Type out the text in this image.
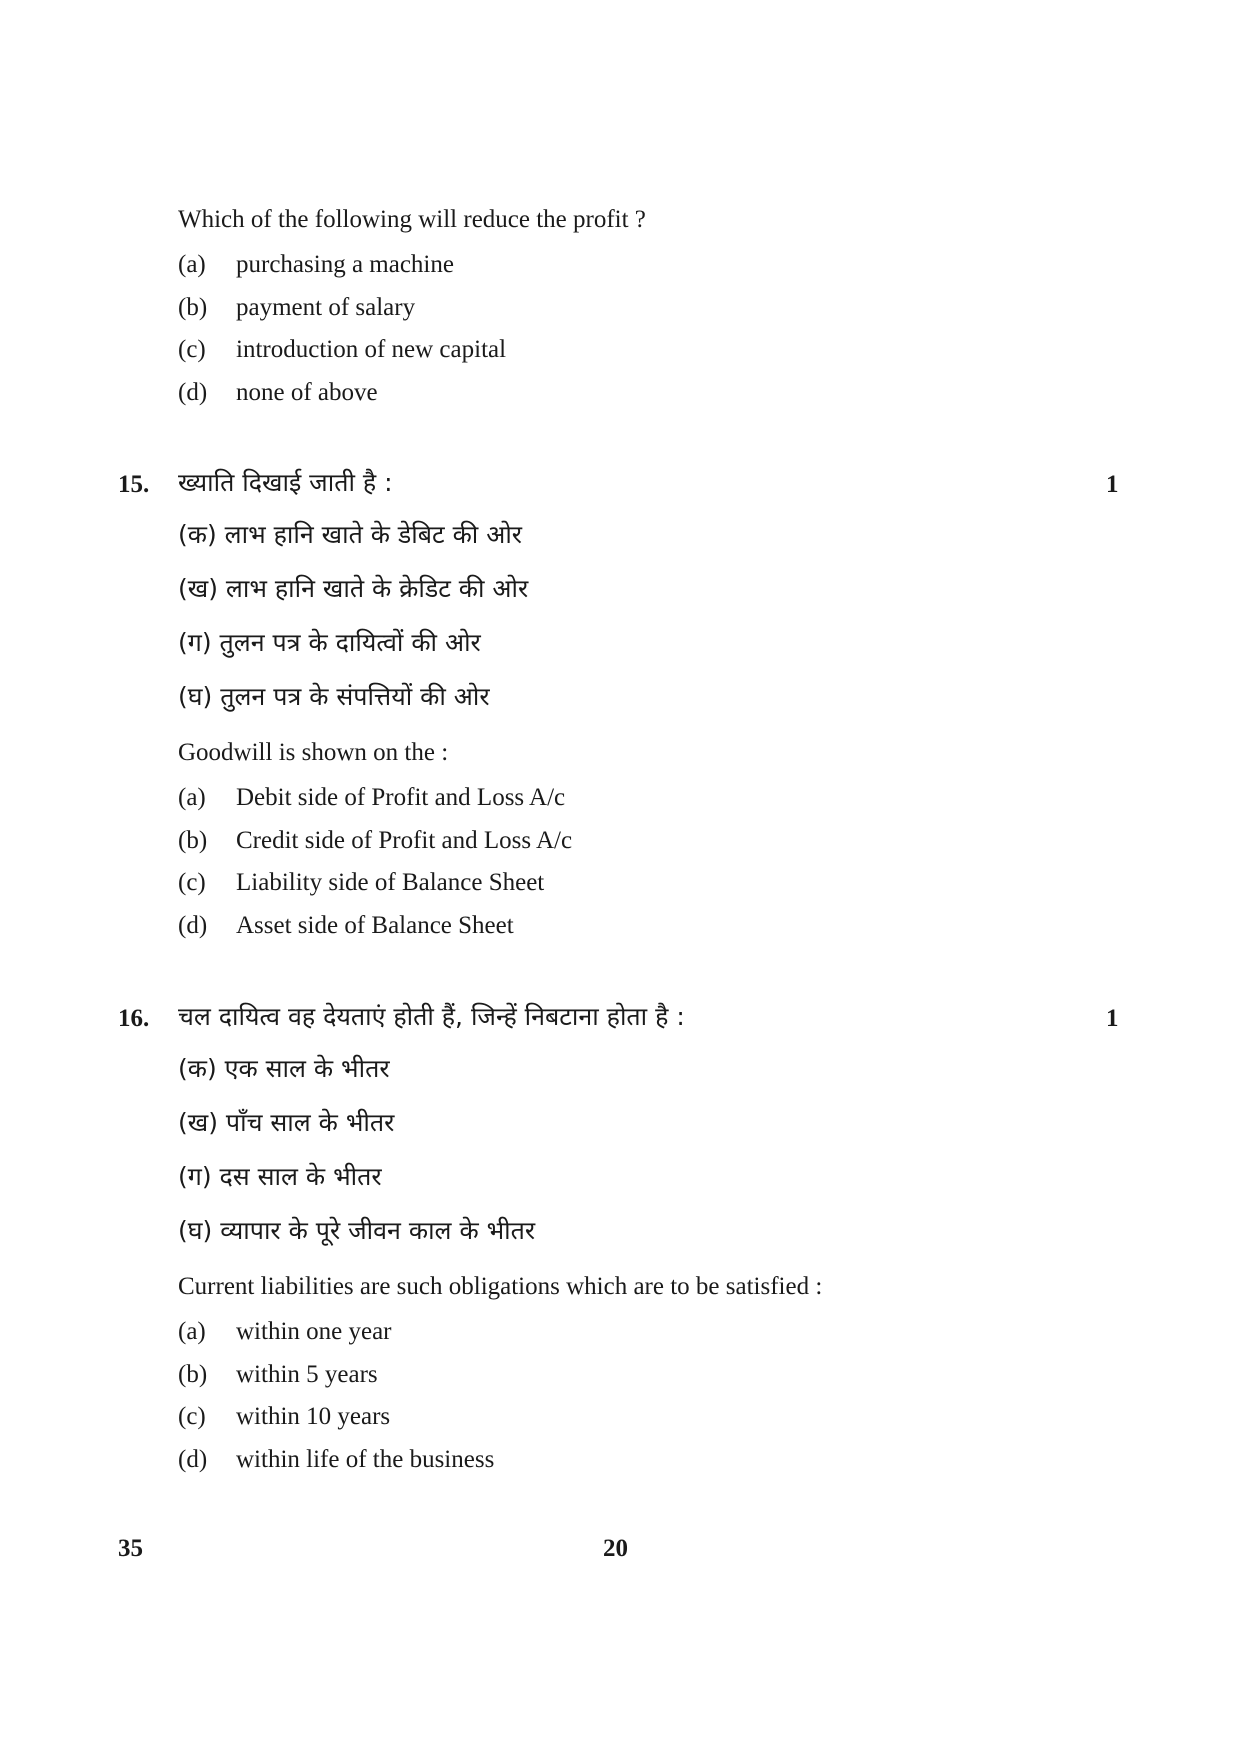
Which of the following will reduce the profit ?
(a) purchasing a machine
(b) payment of salary
(c) introduction of new capital
(d) none of above
15. ख्याति दिखाई जाती है :	1
(क) लाभ हानि खाते के डेबिट की ओर
(ख) लाभ हानि खाते के क्रेडिट की ओर
(ग) तुलन पत्र के दायित्वों की ओर
(घ) तुलन पत्र के संपत्तियों की ओर
Goodwill is shown on the :
(a) Debit side of Profit and Loss A/c
(b) Credit side of Profit and Loss A/c
(c) Liability side of Balance Sheet
(d) Asset side of Balance Sheet
16. चल दायित्व वह देयताएं होती हैं, जिन्हें निबटाना होता है :	1
(क) एक साल के भीतर
(ख) पाँच साल के भीतर
(ग) दस साल के भीतर
(घ) व्यापार के पूरे जीवन काल के भीतर
Current liabilities are such obligations which are to be satisfied :
(a) within one year
(b) within 5 years
(c) within 10 years
(d) within life of the business
35	20
